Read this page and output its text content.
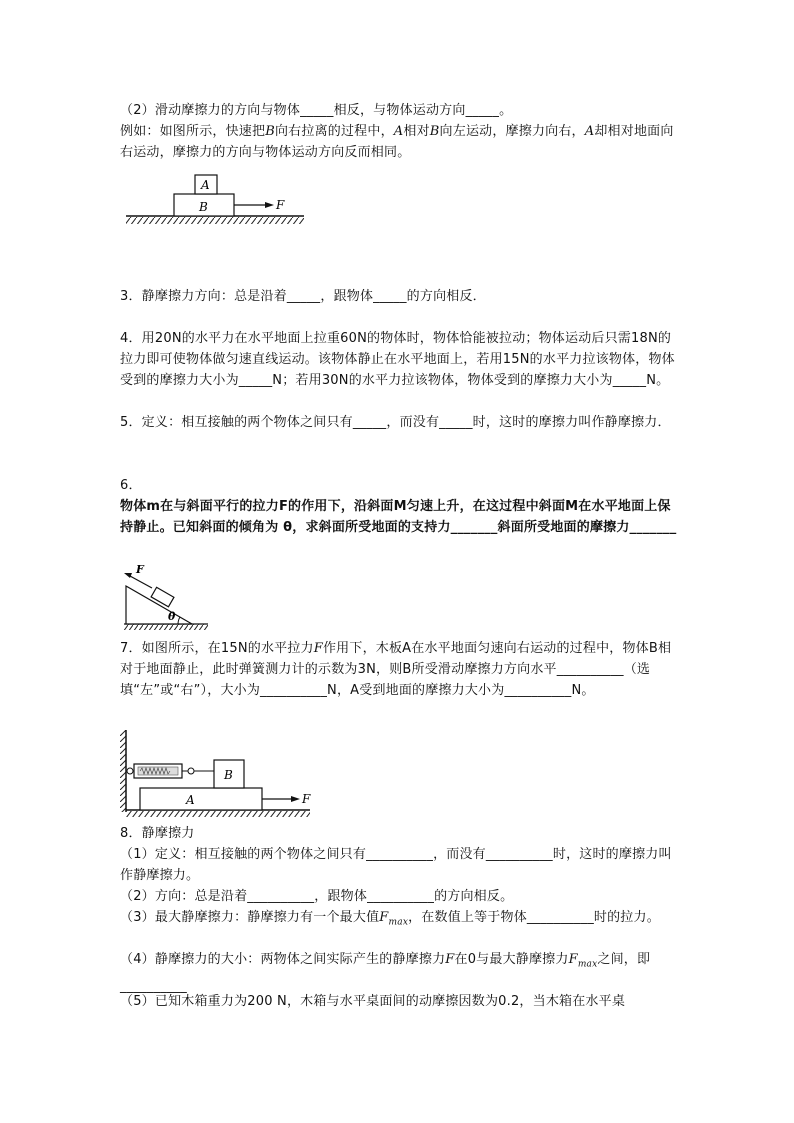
（2）滑动摩擦力的方向与物体_____相反，与物体运动方向_____。
例如：如图所示，快速把B向右拉离的过程中，A相对B向左运动，摩擦力向右，A却相对地面向右运动，摩擦力的方向与物体运动方向反而相同。
A
B	F
3．静摩擦力方向：总是沿着_____，跟物体_____的方向相反．
4．用20N的水平力在水平地面上拉重60N的物体时，物体恰能被拉动；物体运动后只需18N的拉力即可使物体做匀速直线运动。该物体静止在水平地面上，若用15N的水平力拉该物体，物体受到的摩擦力大小为_____N；若用30N的水平力拉该物体，物体受到的摩擦力大小为_____N。
5．定义：相互接触的两个物体之间只有_____，而没有_____时，这时的摩擦力叫作静摩擦力．
6．
物体m在与斜面平行的拉力F的作用下，沿斜面M匀速上升，在这过程中斜面M在水平地面上保持静止。已知斜面的倾角为 θ，求斜面所受地面的支持力_______斜面所受地面的摩擦力_______
F
θ
7．如图所示，在15N的水平拉力F作用下，木板A在水平地面匀速向右运动的过程中，物体B相对于地面静止，此时弹簧测力计的示数为3N，则B所受滑动摩擦力方向水平__________（选填“左”或“右”），大小为__________N，A受到地面的摩擦力大小为__________N。
A
B
F
8．静摩擦力
（1）定义：相互接触的两个物体之间只有__________，而没有__________时，这时的摩擦力叫作静摩擦力。
（2）方向：总是沿着__________，跟物体__________的方向相反。
（3）最大静摩擦力：静摩擦力有一个最大值$F_{max}$，在数值上等于物体__________时的拉力。
（4）静摩擦力的大小：两物体之间实际产生的静摩擦力F在0与最大静摩擦力$F_{max}$之间，即__________
（5）已知木箱重力为200 N，木箱与水平桌面间的动摩擦因数为0.2，当木箱在水平桌
